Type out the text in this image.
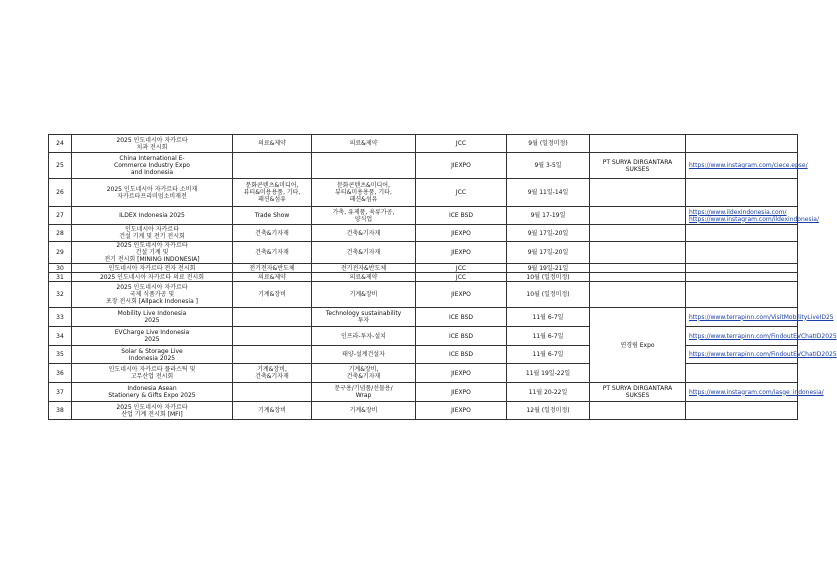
24	2025 인도네시아 자카르타
치과 전시회	의료&제약	의료&제약	JCC	9월 (일정미정)		
25	China International E-
Commerce Industry Expo
and Indonesia			JIEXPO	9월 3-5일	PT SURYA DIRGANTARA
SUKSES	https://www.instagram.com/ciece.epse/

26	2025 인도네시아 자카르타 소비재
자카르타프리미엄소비재전	문화콘텐츠&미디어,
뷰티&미용용품, 기타,
패션&섬유	문화콘텐츠&미디어,
뷰티&미용용품, 기타,
패션&섬유	JCC	9월 11일-14일		
27	ILDEX Indonesia 2025	Trade Show	가축, 유제품, 육류가공,
양식업	ICE BSD	9월 17-19일		https://www.ildexindonesia.com/
https://www.instagram.com/ildexindonesia/

28	인도네시아 자카르타
건설 기계 및 전기 전시회	건축&기자재	건축&기자재	JIEXPO	9월 17일-20일		
29	2025 인도네시아 자카르타
건설 기계 및
전기 전시회 [MINING INDONESIA]	건축&기자재	건축&기자재	JIEXPO	9월 17일-20일		
30	인도네시아 자카르타 전자 전시회	전기전자&반도체	전기전자&반도체	JCC	9월 19일-21일		
31	2025 인도네시아 자카르타 의료 전시회	의료&제약	의료&제약	JCC	10월 (일정미정)		
32	2025 인도네시아 자카르타
국제 식품가공 및
포장 전시회 [Allpack Indonesia ]	기계&장비	기계&장비	JIEXPO	10월 (일정미정)		
33	Mobility Live Indonesia
2025		Technology sustainability
투자	ICE BSD	11월 6-7일	연경림 Expo	https://www.terrapinn.com/VisitMobilityLiveID25

34	EVCharge Live Indonesia
2025		인프라-투자-설치	ICE BSD	11월 6-7일		https://www.terrapinn.com/FindoutEVChatID2025

35	Solar & Storage Live
Indonesia 2025		태양-설계건설자	ICE BSD	11월 6-7일		https://www.terrapinn.com/FindoutEVChatID2025

36	인도네시아 자카르타 플라스틱 및
고무산업 전시회	기계&장비,
건축&기자재	기계&장비,
건축&기자재	JIEXPO	11월 19일-22일		
37	Indonesia Asean
Stationery & Gifts Expo 2025		문구용/기념품/선물용/
Wrap	JIEXPO	11월 20-22일	PT SURYA DIRGANTARA
SUKSES	https://www.instagram.com/iasge_indonesia/

38	2025 인도네시아 자카르타
산업 기계 전시회 [MFI]	기계&장비	기계&장비	JIEXPO	12월 (일정미정)		
